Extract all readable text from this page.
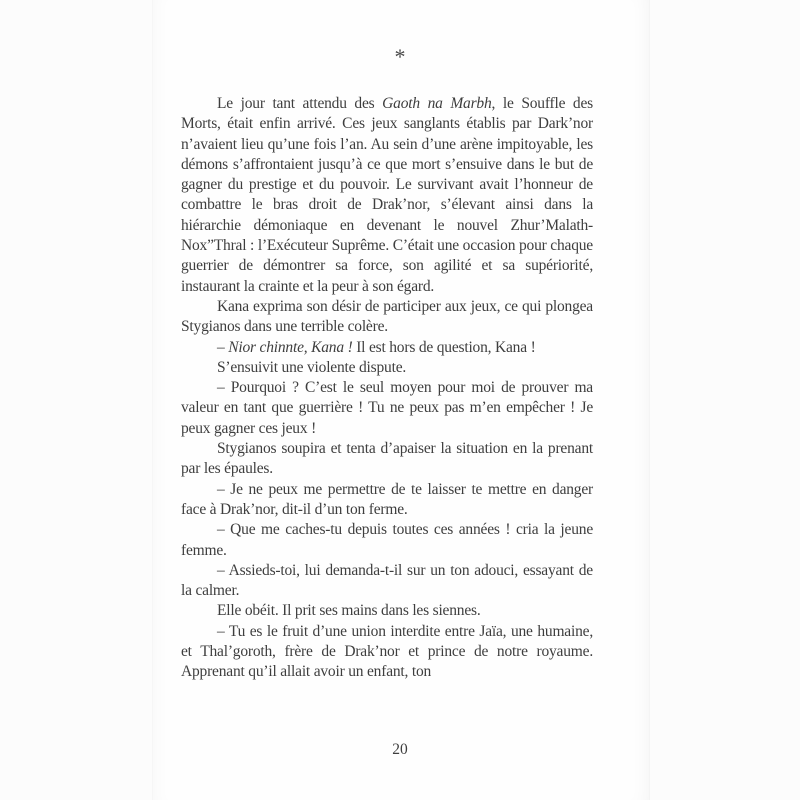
*

Le jour tant attendu des Gaoth na Marbh, le Souffle des Morts, était enfin arrivé. Ces jeux sanglants établis par Dark’nor n’avaient lieu qu’une fois l’an. Au sein d’une arène impitoyable, les démons s’affrontaient jusqu’à ce que mort s’ensuive dans le but de gagner du prestige et du pouvoir. Le survivant avait l’honneur de combattre le bras droit de Drak’nor, s’élevant ainsi dans la hiérarchie démoniaque en devenant le nouvel Zhur’Malath-Nox”Thral : l’Exécuteur Suprême. C’était une occasion pour chaque guerrier de démontrer sa force, son agilité et sa supériorité, instaurant la crainte et la peur à son égard.

Kana exprima son désir de participer aux jeux, ce qui plongea Stygianos dans une terrible colère.

– Nior chinnte, Kana ! Il est hors de question, Kana !

S’ensuivit une violente dispute.

– Pourquoi ? C’est le seul moyen pour moi de prouver ma valeur en tant que guerrière ! Tu ne peux pas m’en empêcher ! Je peux gagner ces jeux !

Stygianos soupira et tenta d’apaiser la situation en la prenant par les épaules.

– Je ne peux me permettre de te laisser te mettre en danger face à Drak’nor, dit-il d’un ton ferme.

– Que me caches-tu depuis toutes ces années ! cria la jeune femme.

– Assieds-toi, lui demanda-t-il sur un ton adouci, essayant de la calmer.

Elle obéit. Il prit ses mains dans les siennes.

– Tu es le fruit d’une union interdite entre Jaïa, une humaine, et Thal’goroth, frère de Drak’nor et prince de notre royaume. Apprenant qu’il allait avoir un enfant, ton

20
